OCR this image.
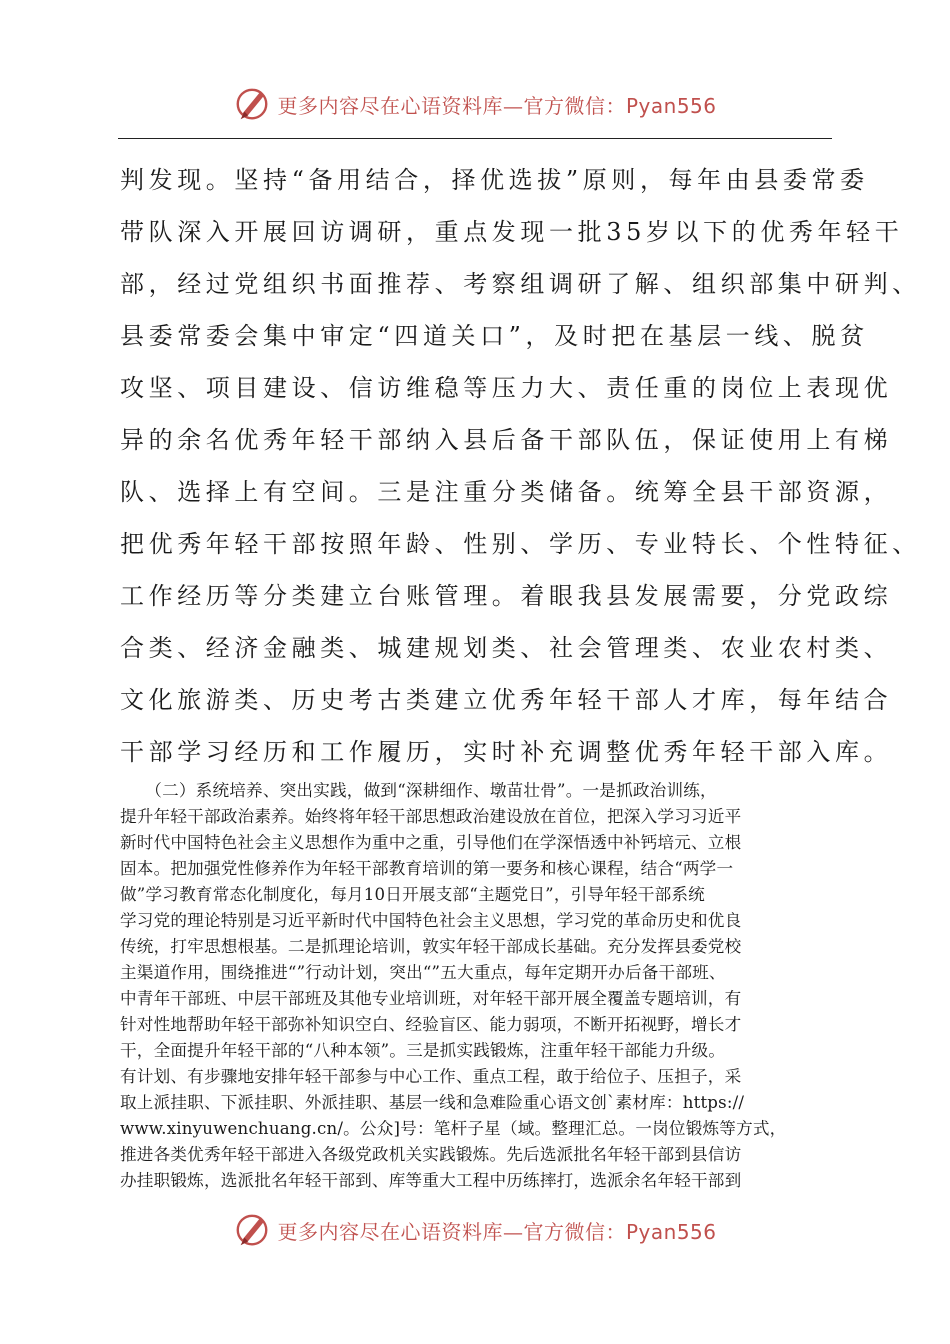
更多内容尽在心语资料库—官方微信：Pyan556
判发现。坚持“备用结合，择优选拔”原则，每年由县委常委
带队深入开展回访调研，重点发现一批35岁以下的优秀年轻干
部，经过党组织书面推荐、考察组调研了解、组织部集中研判、
县委常委会集中审定“四道关口”，及时把在基层一线、脱贫
攻坚、项目建设、信访维稳等压力大、责任重的岗位上表现优
异的余名优秀年轻干部纳入县后备干部队伍，保证使用上有梯
队、选择上有空间。三是注重分类储备。统筹全县干部资源，
把优秀年轻干部按照年龄、性别、学历、专业特长、个性特征、
工作经历等分类建立台账管理。着眼我县发展需要，分党政综
合类、经济金融类、城建规划类、社会管理类、农业农村类、
文化旅游类、历史考古类建立优秀年轻干部人才库，每年结合
干部学习经历和工作履历，实时补充调整优秀年轻干部入库。
　　（二）系统培养、突出实践，做到“深耕细作、墩苗壮骨”。一是抓政治训练，
提升年轻干部政治素养。始终将年轻干部思想政治建设放在首位，把深入学习习近平
新时代中国特色社会主义思想作为重中之重，引导他们在学深悟透中补钙培元、立根
固本。把加强党性修养作为年轻干部教育培训的第一要务和核心课程，结合“两学一
做”学习教育常态化制度化，每月10日开展支部“主题党日”，引导年轻干部系统
学习党的理论特别是习近平新时代中国特色社会主义思想，学习党的革命历史和优良
传统，打牢思想根基。二是抓理论培训，敦实年轻干部成长基础。充分发挥县委党校
主渠道作用，围绕推进“”行动计划，突出“”五大重点，每年定期开办后备干部班、
中青年干部班、中层干部班及其他专业培训班，对年轻干部开展全覆盖专题培训，有
针对性地帮助年轻干部弥补知识空白、经验盲区、能力弱项，不断开拓视野，增长才
干，全面提升年轻干部的“八种本领”。三是抓实践锻炼，注重年轻干部能力升级。
有计划、有步骤地安排年轻干部参与中心工作、重点工程，敢于给位子、压担子，采
取上派挂职、下派挂职、外派挂职、基层一线和急难险重心语文创`素材库：https://
www.xinyuwenchuang.cn/。公众]号：笔杆子星（域。整理汇总。一岗位锻炼等方式，
推进各类优秀年轻干部进入各级党政机关实践锻炼。先后选派批名年轻干部到县信访
办挂职锻炼，选派批名年轻干部到、库等重大工程中历练摔打，选派余名年轻干部到
更多内容尽在心语资料库—官方微信：Pyan556
